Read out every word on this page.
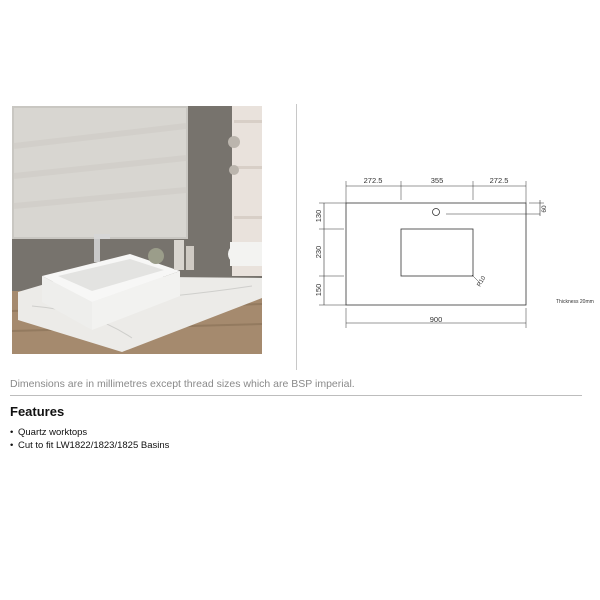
272.5	355	272.5
130
230
150
60
R10
900
Thickness 20mm
Dimensions are in millimetres except thread sizes which are BSP imperial.
Features
• Quartz worktops
• Cut to fit LW1822/1823/1825 Basins
